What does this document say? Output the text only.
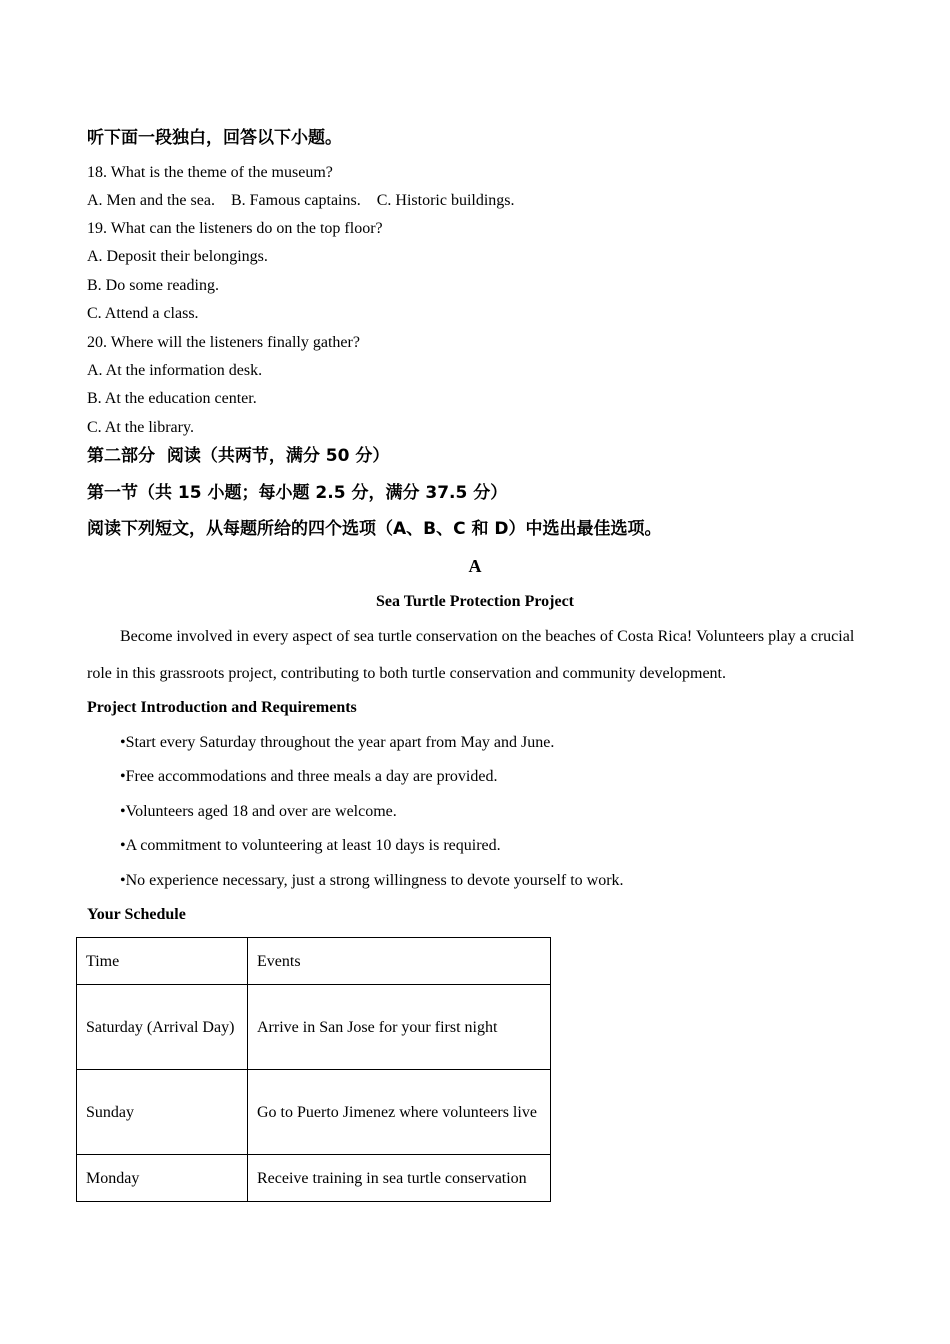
听下面一段独白，回答以下小题。
18. What is the theme of the museum?
A. Men and the sea.    B. Famous captains.    C. Historic buildings.
19. What can the listeners do on the top floor?
A. Deposit their belongings.
B. Do some reading.
C. Attend a class.
20. Where will the listeners finally gather?
A. At the information desk.
B. At the education center.
C. At the library.
第二部分  阅读（共两节，满分 50 分）
第一节（共 15 小题；每小题 2.5 分，满分 37.5 分）
阅读下列短文，从每题所给的四个选项（A、B、C 和 D）中选出最佳选项。
A
Sea Turtle Protection Project
Become involved in every aspect of sea turtle conservation on the beaches of Costa Rica! Volunteers play a crucial role in this grassroots project, contributing to both turtle conservation and community development.
Project Introduction and Requirements
•Start every Saturday throughout the year apart from May and June.
•Free accommodations and three meals a day are provided.
•Volunteers aged 18 and over are welcome.
•A commitment to volunteering at least 10 days is required.
•No experience necessary, just a strong willingness to devote yourself to work.
Your Schedule
Time	Events
Saturday (Arrival Day)	Arrive in San Jose for your first night
Sunday	Go to Puerto Jimenez where volunteers live
Monday	Receive training in sea turtle conservation
